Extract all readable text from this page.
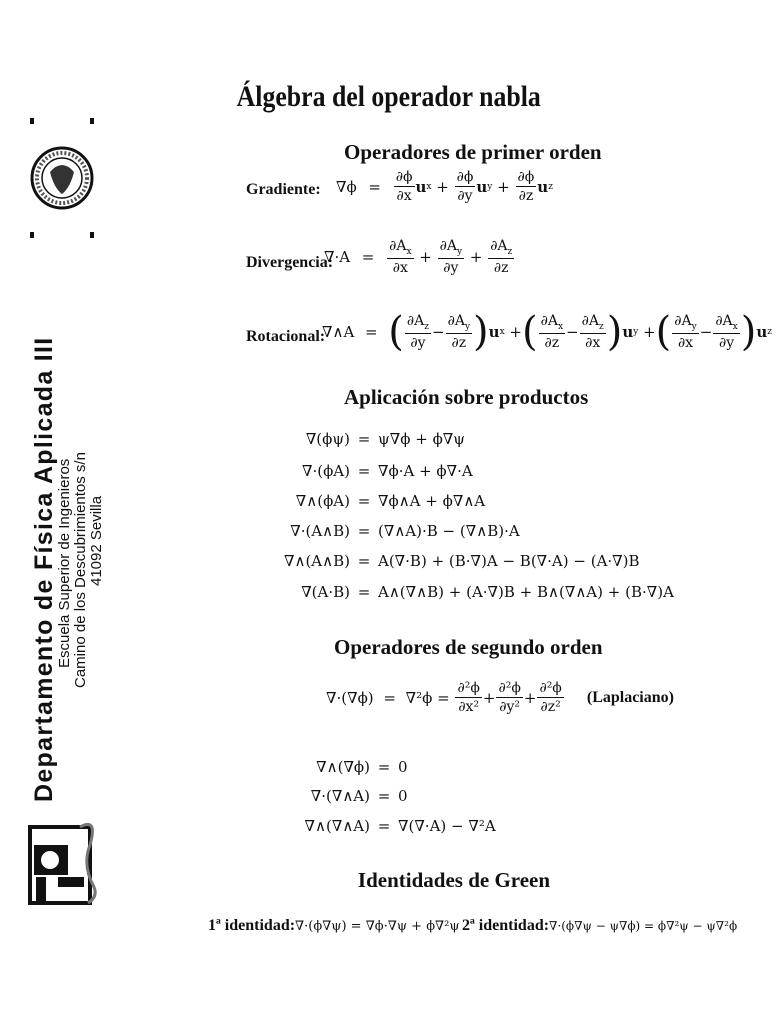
Departamento de Física Aplicada III
Escuela Superior de Ingenieros Camino de los Descubrimientos s/n 41092 Sevilla
Álgebra del operador nabla
Operadores de primer orden
Gradiente: $\nabla\phi = \frac{\partial\phi}{\partial x}$ u $x + \frac{\partial\phi}{\partial y}$ u $y + \frac{\partial\phi}{\partial z}$ u z
Divergencia:
$\nabla\cdot A = \frac{\partial A_x}{\partial x} + \frac{\partial A_y}{\partial y} + \frac{\partial A_z}{\partial z}$
Rotacional:
∇∧A = ( $\frac{\partial A_z}{\partial y} - \frac{\partial A_y}{\partial z}$ ) u x + ( $\frac{\partial A_x}{\partial z} - \frac{\partial A_z}{\partial x}$ ) u y + ( $\frac{\partial A_y}{\partial x} - \frac{\partial A_x}{\partial y}$ ) u z
Aplicación sobre productos
∇(ϕψ) = ψ∇ϕ + ϕ∇ψ
∇·(ϕA) = ∇ϕ·A + ϕ∇·A
∇∧(ϕA) = ∇ϕ∧A + ϕ∇∧A
∇·(A∧B) = (∇∧A)·B − (∇∧B)·A
∇∧(A∧B) = A(∇·B) + (B·∇)A − B(∇·A) − (A·∇)B
∇(A·B) = A∧(∇∧B) + (A·∇)B + B∧(∇∧A) + (B·∇)A
Operadores de segundo orden
$\nabla\cdot(\nabla\phi) = \nabla^2\phi = \frac{\text{∂²ϕ}}{\text{∂x²}} + \frac{\text{∂²ϕ}}{\text{∂y²}} + \frac{\text{∂²ϕ}}{\text{∂z²}}$ (Laplaciano)
∇∧(∇ϕ) = 0
∇·(∇∧A) = 0
∇∧(∇∧A) = ∇(∇·A) − ∇²A
Identidades de Green
1ª identidad: ∇·(ϕ∇ψ) = ∇ϕ·∇ψ + ϕ∇²ψ 2ª identidad: ∇·(ϕ∇ψ − ψ∇ϕ) = ϕ∇²ψ − ψ∇²ϕ
